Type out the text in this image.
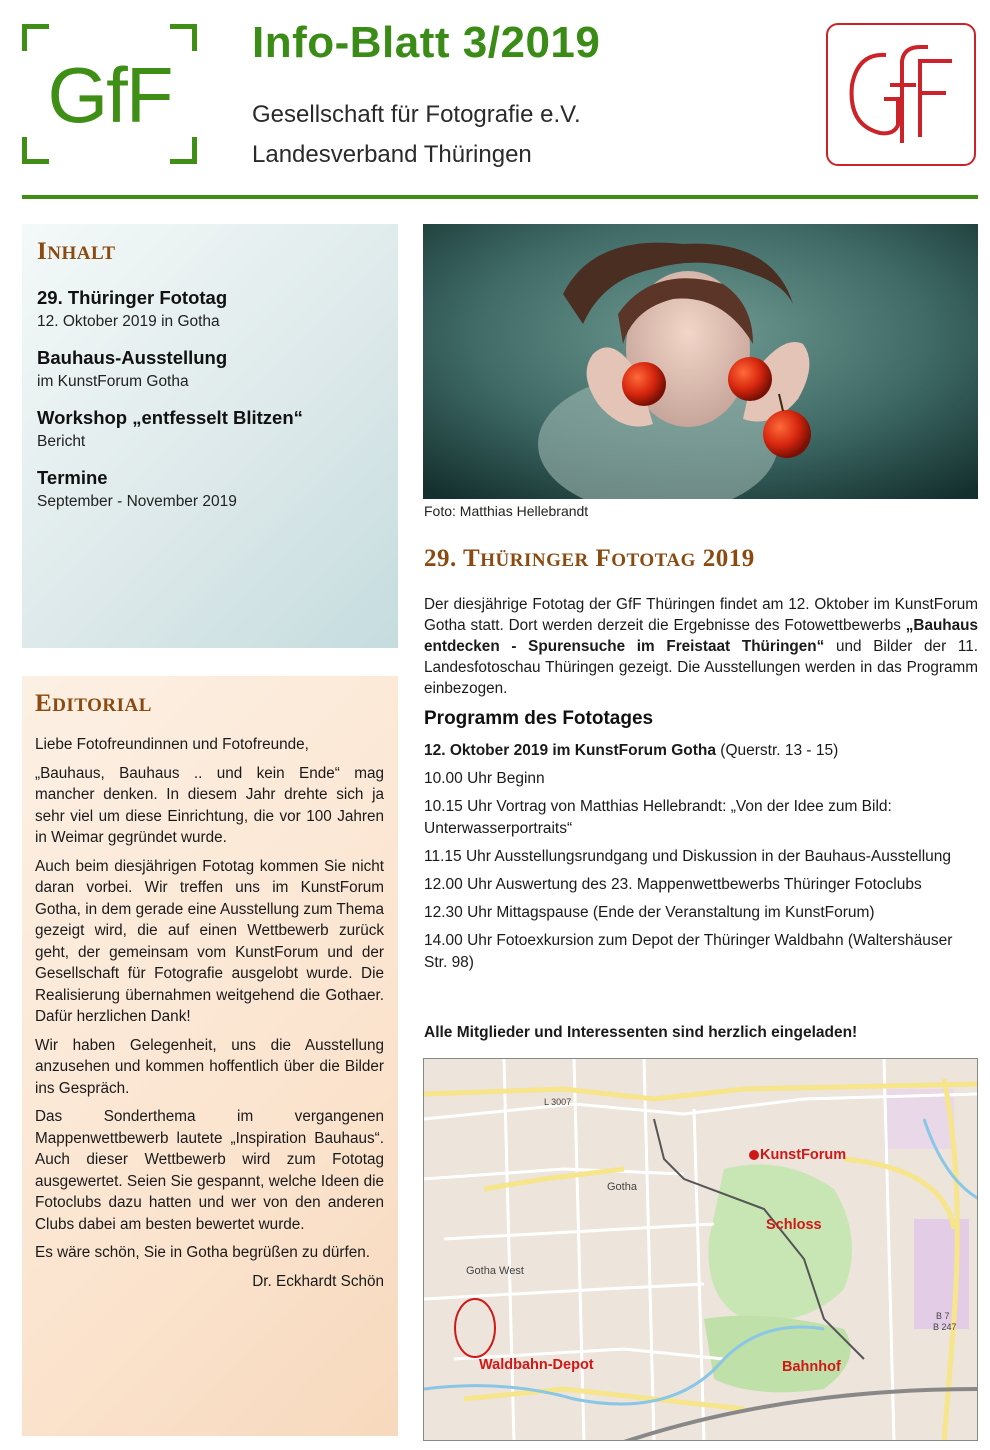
GfF
Info-Blatt 3/2019
Gesellschaft für Fotografie e.V.
Landesverband Thüringen
INHALT
29. Thüringer Fototag
12. Oktober 2019 in Gotha
Bauhaus-Ausstellung
im KunstForum Gotha
Workshop „entfesselt Blitzen“
Bericht
Termine
September - November 2019
EDITORIAL

Liebe Fotofreundinnen und Fotofreunde,

„Bauhaus, Bauhaus .. und kein Ende“ mag mancher denken. In diesem Jahr drehte sich ja sehr viel um diese Einrichtung, die vor 100 Jahren in Weimar gegründet wurde.

Auch beim diesjährigen Fototag kommen Sie nicht daran vorbei. Wir treffen uns im KunstForum Gotha, in dem gerade eine Ausstellung zum Thema gezeigt wird, die auf einen Wettbewerb zurück geht, der gemeinsam vom KunstForum und der Gesellschaft für Fotografie ausgelobt wurde. Die Realisierung übernahmen weitgehend die Gothaer. Dafür herzlichen Dank!

Wir haben Gelegenheit, uns die Ausstellung anzusehen und kommen hoffentlich über die Bilder ins Gespräch.

Das Sonderthema im vergangenen Mappenwettbewerb lautete „Inspiration Bauhaus“. Auch dieser Wettbewerb wird zum Fototag ausgewertet. Seien Sie gespannt, welche Ideen die Fotoclubs dazu hatten und wer von den anderen Clubs dabei am besten bewertet wurde.

Es wäre schön, Sie in Gotha begrüßen zu dürfen.

Dr. Eckhardt Schön

Foto: Matthias Hellebrandt
29. THÜRINGER FOTOTAG 2019
Der diesjährige Fototag der GfF Thüringen findet am 12. Oktober im KunstForum Gotha statt. Dort werden derzeit die Ergebnisse des Fotowettbewerbs „Bauhaus entdecken - Spurensuche im Freistaat Thüringen“ und Bilder der 11. Landesfotoschau Thüringen gezeigt. Die Ausstellungen werden in das Programm einbezogen.
Programm des Fototages

12. Oktober 2019 im KunstForum Gotha (Querstr. 13 - 15)

10.00 Uhr Beginn

10.15 Uhr Vortrag von Matthias Hellebrandt: „Von der Idee zum Bild: Unterwasserportraits“

11.15 Uhr Ausstellungsrundgang und Diskussion in der Bauhaus-Ausstellung

12.00 Uhr Auswertung des 23. Mappenwettbewerbs Thüringer Fotoclubs

12.30 Uhr Mittagspause (Ende der Veranstaltung im KunstForum)

14.00 Uhr Fotoexkursion zum Depot der Thüringer Waldbahn (Waltershäuser Str. 98)

Alle Mitglieder und Interessenten sind herzlich eingeladen!
Gotha
Gotha West
L 3007
B 7
B 247
KunstForum
Schloss
Waldbahn-Depot	Bahnhof
